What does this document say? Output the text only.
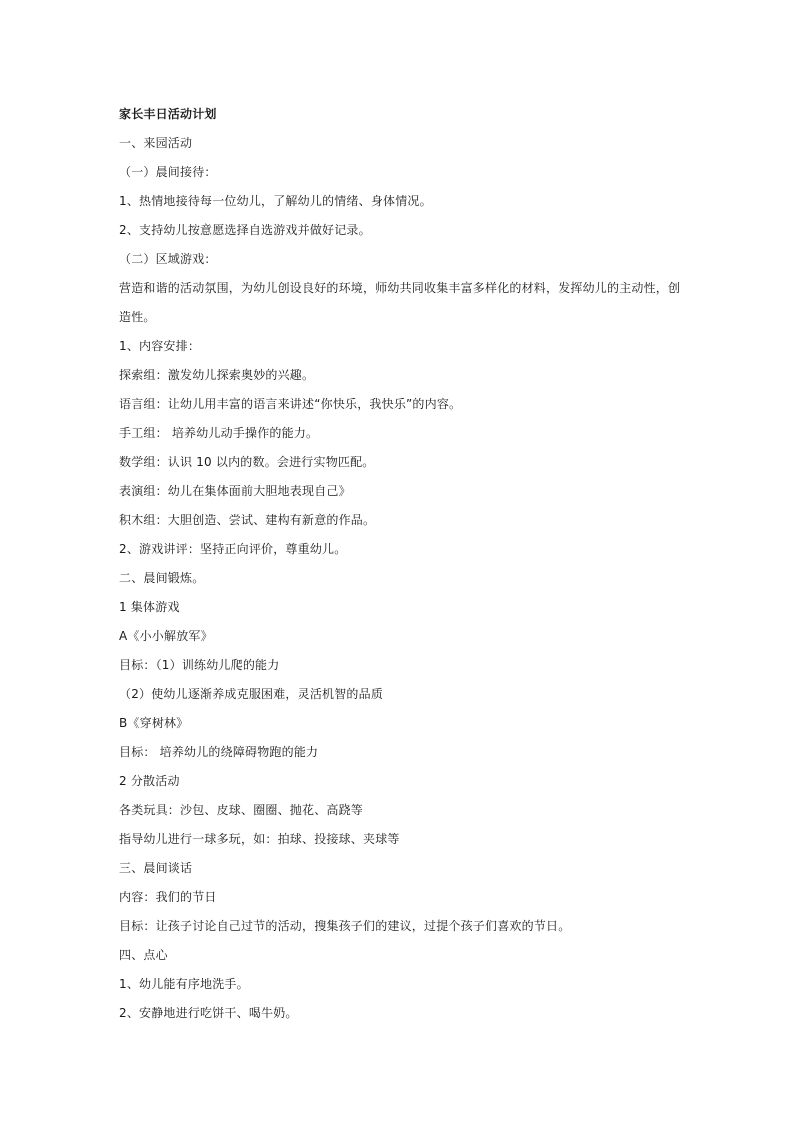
家长丰日活动计划
一、来园活动
（一）晨间接待：
1、热情地接待每一位幼儿，了解幼儿的情绪、身体情况。
2、支持幼儿按意愿选择自选游戏并做好记录。
（二）区域游戏：
营造和谐的活动氛围，为幼儿创设良好的环境，师幼共同收集丰富多样化的材料，发挥幼儿的主动性，创
造性。
1、内容安排：
探索组：激发幼儿探索奥妙的兴趣。
语言组：让幼儿用丰富的语言来讲述“你快乐，我快乐”的内容。
手工组： 培养幼儿动手操作的能力。
数学组：认识 10 以内的数。会进行实物匹配。
表演组：幼儿在集体面前大胆地表现自己》
积木组：大胆创造、尝试、建构有新意的作品。
2、游戏讲评：坚持正向评价，尊重幼儿。
二、晨间锻炼。
1 集体游戏
A《小小解放军》
目标：（1）训练幼儿爬的能力
（2）使幼儿逐渐养成克服困难，灵活机智的品质
B《穿树林》
目标： 培养幼儿的绕障碍物跑的能力
2 分散活动
各类玩具：沙包、皮球、圈圈、抛花、高跷等
指导幼儿进行一球多玩，如：拍球、投接球、夹球等
三、晨间谈话
内容：我们的节日
目标：让孩子讨论自己过节的活动，搜集孩子们的建议，过提个孩子们喜欢的节日。
四、点心
1、幼儿能有序地洗手。
2、安静地进行吃饼干、喝牛奶。
